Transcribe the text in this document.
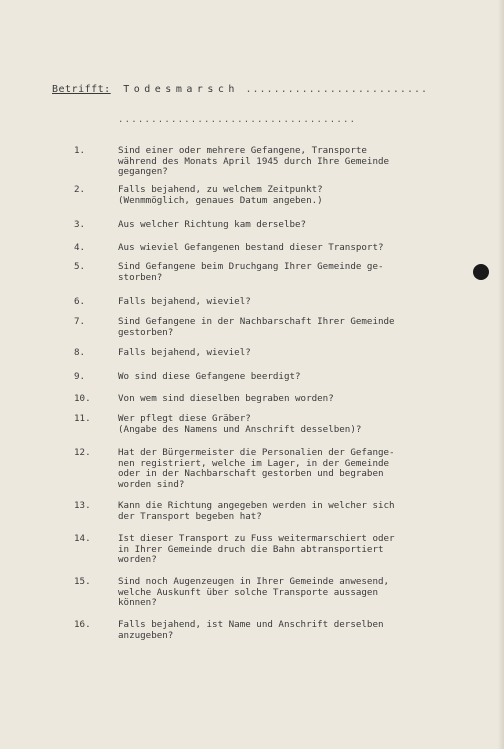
Betrifft: Todesmarsch ..........................
....................................
1.	Sind einer oder mehrere Gefangene, Transporte
während des Monats April 1945 durch Ihre Gemeinde
gegangen?
2.	Falls bejahend, zu welchem Zeitpunkt?
(Wenmmöglich, genaues Datum angeben.)
3.	Aus welcher Richtung kam derselbe?
4.	Aus wieviel Gefangenen bestand dieser Transport?
5.	Sind Gefangene beim Druchgang Ihrer Gemeinde ge-
storben?
6.	Falls bejahend, wieviel?
7.	Sind Gefangene in der Nachbarschaft Ihrer Gemeinde
gestorben?
8.	Falls bejahend, wieviel?
9.	Wo sind diese Gefangene beerdigt?
10.	Von wem sind dieselben begraben worden?
11.	Wer pflegt diese Gräber?
(Angabe des Namens und Anschrift desselben)?
12.	Hat der Bürgermeister die Personalien der Gefange-
nen registriert, welche im Lager, in der Gemeinde
oder in der Nachbarschaft gestorben und begraben
worden sind?
13.	Kann die Richtung angegeben werden in welcher sich
der Transport begeben hat?
14.	Ist dieser Transport zu Fuss weitermarschiert oder
in Ihrer Gemeinde druch die Bahn abtransportiert
worden?
15.	Sind noch Augenzeugen in Ihrer Gemeinde anwesend,
welche Auskunft über solche Transporte aussagen
können?
16.	Falls bejahend, ist Name und Anschrift derselben
anzugeben?
